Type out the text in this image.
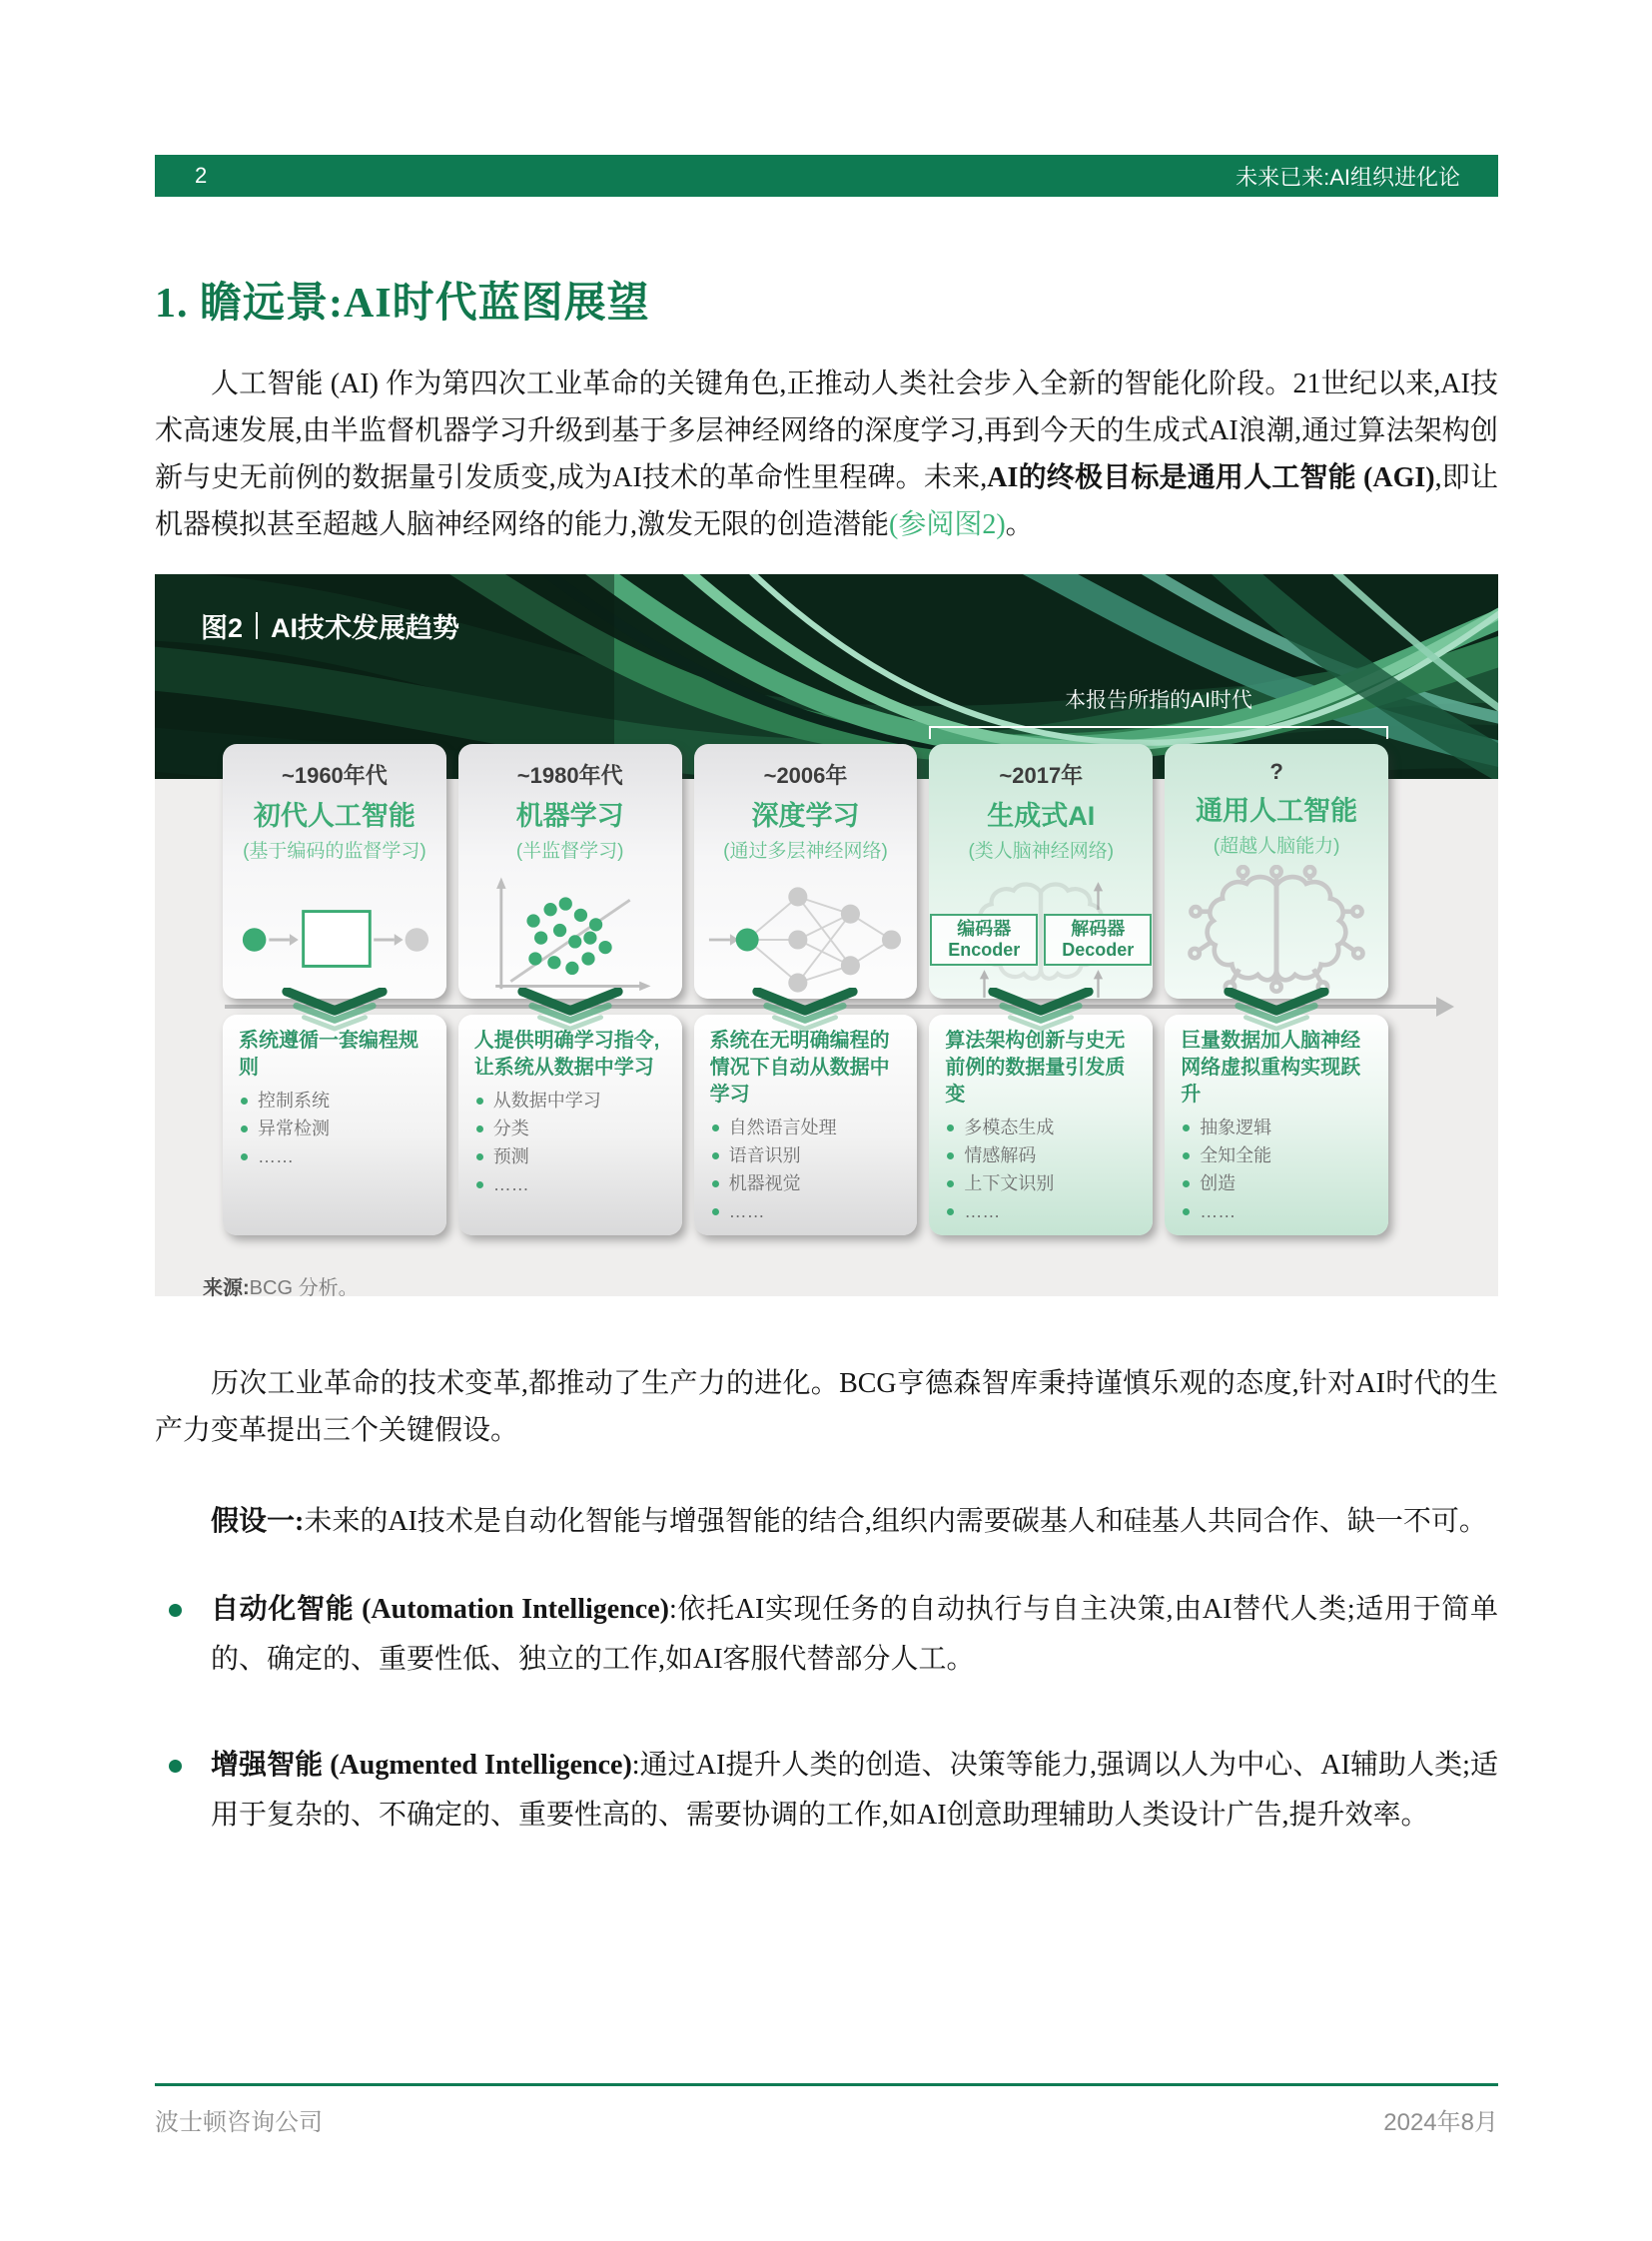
2	未来已来:AI组织进化论
1. 瞻远景:AI时代蓝图展望

人工智能 (AI) 作为第四次工业革命的关键角色,正推动人类社会步入全新的智能化阶段。21世纪以来,AI技术高速发展,由半监督机器学习升级到基于多层神经网络的深度学习,再到今天的生成式AI浪潮,通过算法架构创新与史无前例的数据量引发质变,成为AI技术的革命性里程碑。未来,AI的终极目标是通用人工智能 (AGI),即让机器模拟甚至超越人脑神经网络的能力,激发无限的创造潜能(参阅图2)。

图2 AI技术发展趋势
本报告所指的AI时代
~1960年代
初代人工智能
(基于编码的监督学习)
系统遵循一套编程规则
控制系统
异常检测
……
~1980年代
机器学习
(半监督学习)
人提供明确学习指令,让系统从数据中学习
从数据中学习
分类
预测
……
~2006年
深度学习
(通过多层神经网络)
系统在无明确编程的情况下自动从数据中学习
自然语言处理
语音识别
机器视觉
……
~2017年
生成式AI
(类人脑神经网络)
编码器
Encoder
解码器
Decoder
算法架构创新与史无前例的数据量引发质变
多模态生成
情感解码
上下文识别
……
?
通用人工智能
(超越人脑能力)
巨量数据加人脑神经网络虚拟重构实现跃升
抽象逻辑
全知全能
创造
……
来源:BCG 分析。

历次工业革命的技术变革,都推动了生产力的进化。BCG亨德森智库秉持谨慎乐观的态度,针对AI时代的生产力变革提出三个关键假设。

假设一:未来的AI技术是自动化智能与增强智能的结合,组织内需要碳基人和硅基人共同合作、缺一不可。

自动化智能 (Automation Intelligence):依托AI实现任务的自动执行与自主决策,由AI替代人类;适用于简单的、确定的、重要性低、独立的工作,如AI客服代替部分人工。
增强智能 (Augmented Intelligence):通过AI提升人类的创造、决策等能力,强调以人为中心、AI辅助人类;适用于复杂的、不确定的、重要性高的、需要协调的工作,如AI创意助理辅助人类设计广告,提升效率。
波士顿咨询公司	2024年8月
